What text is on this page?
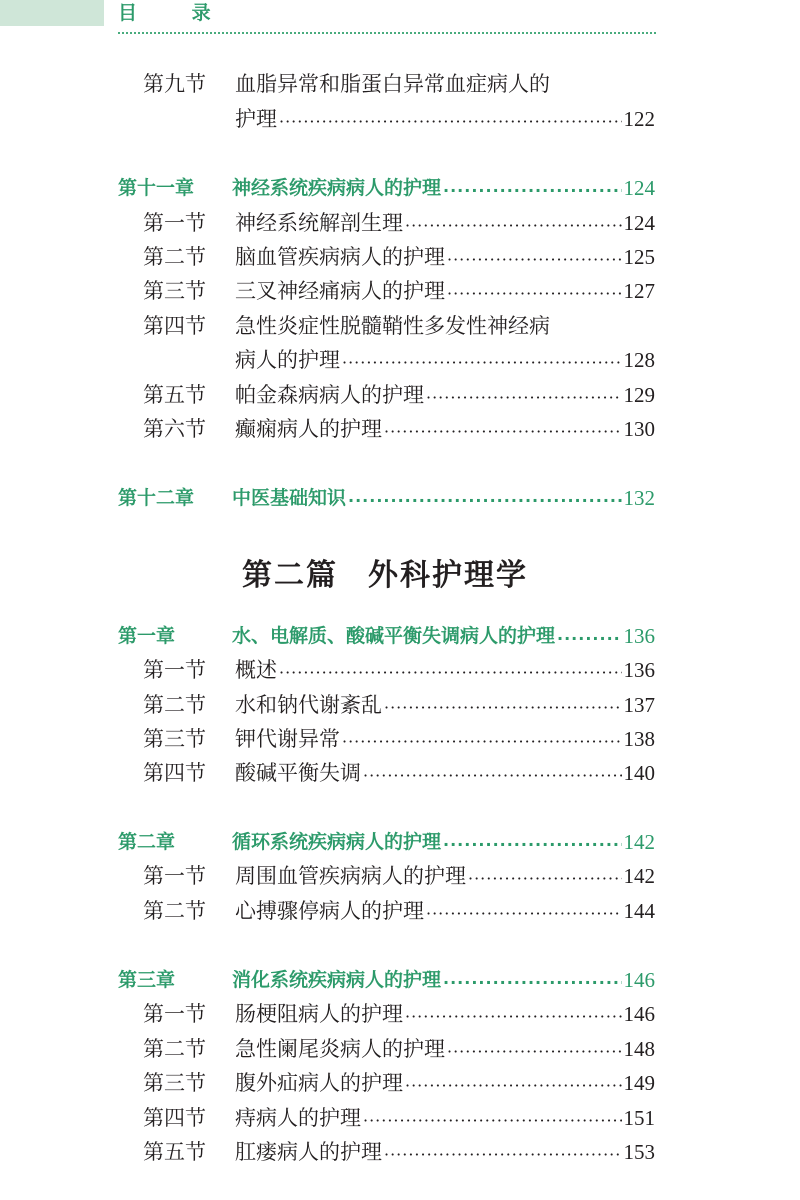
目 录
第二篇 外科护理学
第九节	血脂异常和脂蛋白异常血症病人的
护理 ·····	122
第十一章	神经系统疾病病人的护理 ·····	124
第一节	神经系统解剖生理 ·····	124
第二节	脑血管疾病病人的护理 ·····	125
第三节	三叉神经痛病人的护理 ·····	127
第四节	急性炎症性脱髓鞘性多发性神经病
病人的护理 ·····	128
第五节	帕金森病病人的护理 ·····	129
第六节	癫痫病人的护理 ·····	130
第十二章	中医基础知识 ·····	132
第一章	水、电解质、酸碱平衡失调病人的护理 ·····	136
第一节	概述 ·····	136
第二节	水和钠代谢紊乱 ·····	137
第三节	钾代谢异常 ·····	138
第四节	酸碱平衡失调 ·····	140
第二章	循环系统疾病病人的护理 ·····	142
第一节	周围血管疾病病人的护理 ·····	142
第二节	心搏骤停病人的护理 ·····	144
第三章	消化系统疾病病人的护理 ·····	146
第一节	肠梗阻病人的护理 ·····	146
第二节	急性阑尾炎病人的护理 ·····	148
第三节	腹外疝病人的护理 ·····	149
第四节	痔病人的护理 ·····	151
第五节	肛瘘病人的护理 ·····	153
